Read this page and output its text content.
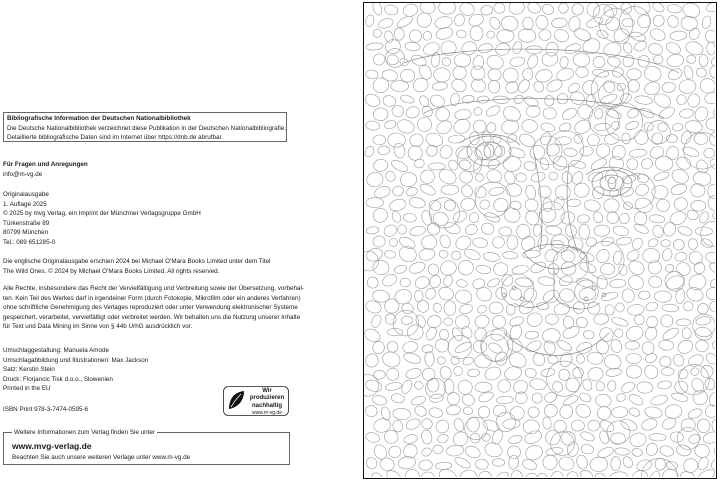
Bibliografische Information der Deutschen Nationalbibliothek
Die Deutsche Nationalbibliothek verzeichnet diese Publikation in der Deutschen Nationalbibliografie.
Detaillierte bibliografische Daten sind im Internet über https://dnb.de abrufbar.
Für Fragen und Anregungen
info@m-vg.de
Originalausgabe
1. Auflage 2025
© 2025 by mvg Verlag, ein Imprint der Münchner Verlagsgruppe GmbH
Türkenstraße 89
80799 München
Tel.: 089 651285-0
Die englische Originalausgabe erschien 2024 bei Michael O’Mara Books Limited unter dem Titel
The Wild Ones. © 2024 by Michael O’Mara Books Limited. All rights reserved.
Alle Rechte, insbesondere das Recht der Vervielfältigung und Verbreitung sowie der Übersetzung, vorbehal-
ten. Kein Teil des Werkes darf in irgendeiner Form (durch Fotokopie, Mikrofilm oder ein anderes Verfahren)
ohne schriftliche Genehmigung des Verlages reproduziert oder unter Verwendung elektronischer Systeme
gespeichert, verarbeitet, vervielfältigt oder verbreitet werden. Wir behalten uns die Nutzung unserer Inhalte
für Text und Data Mining im Sinne von § 44b UrhG ausdrücklich vor.
Umschlaggestaltung: Manuela Amode
Umschlagabbildung und Illustrationen: Max Jackson
Satz: Kerstin Stein
Druck: Florjancic Tisk d.o.o., Slowenien
Printed in the EU
ISBN Print 978-3-7474-0595-6
Wir produzieren
nachhaltig
www.m-vg.de
Weitere Informationen zum Verlag finden Sie unter
www.mvg-verlag.de
Beachten Sie auch unsere weiteren Verlage unter www.m-vg.de
